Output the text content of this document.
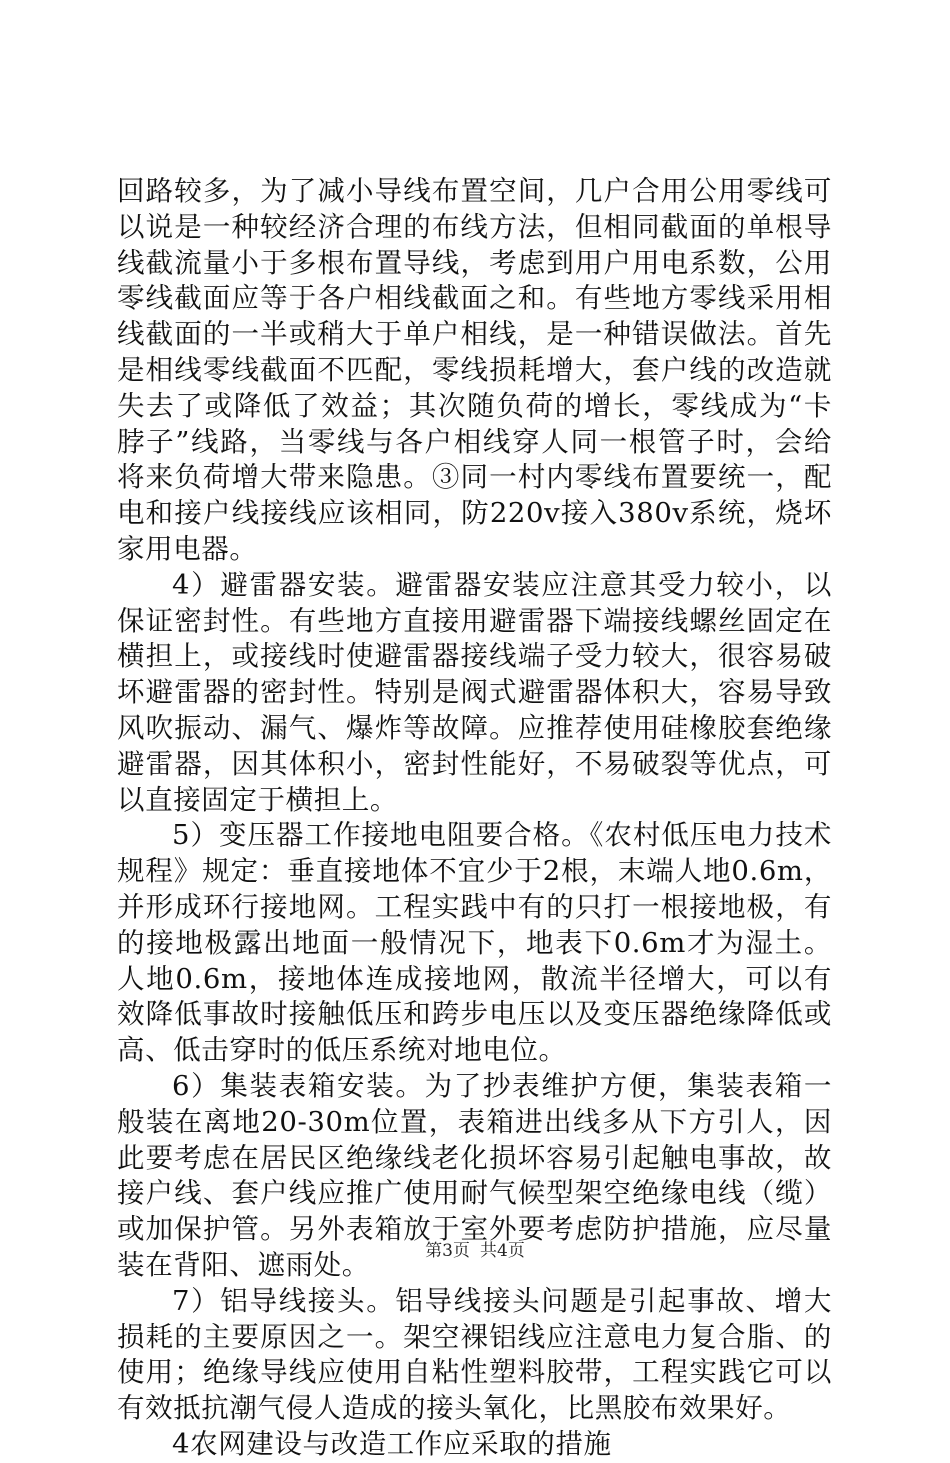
回路较多，为了减小导线布置空间，几户合用公用零线可以说是一种较经济合理的布线方法，但相同截面的单根导线截流量小于多根布置导线，考虑到用户用电系数，公用零线截面应等于各户相线截面之和。有些地方零线采用相线截面的一半或稍大于单户相线，是一种错误做法。首先是相线零线截面不匹配，零线损耗增大，套户线的改造就失去了或降低了效益；其次随负荷的增长，零线成为“卡脖子”线路，当零线与各户相线穿人同一根管子时，会给将来负荷增大带来隐患。③同一村内零线布置要统一，配电和接户线接线应该相同，防220v接入380v系统，烧坏家用电器。

4）避雷器安装。避雷器安装应注意其受力较小，以保证密封性。有些地方直接用避雷器下端接线螺丝固定在横担上，或接线时使避雷器接线端子受力较大，很容易破坏避雷器的密封性。特别是阀式避雷器体积大，容易导致风吹振动、漏气、爆炸等故障。应推荐使用硅橡胶套绝缘避雷器，因其体积小，密封性能好，不易破裂等优点，可以直接固定于横担上。

5）变压器工作接地电阻要合格。《农村低压电力技术规程》规定：垂直接地体不宜少于2根，末端人地0.6m，并形成环行接地网。工程实践中有的只打一根接地极，有的接地极露出地面一般情况下，地表下0.6m才为湿土。人地0.6m，接地体连成接地网，散流半径增大，可以有效降低事故时接触低压和跨步电压以及变压器绝缘降低或高、低击穿时的低压系统对地电位。

6）集装表箱安装。为了抄表维护方便，集装表箱一般装在离地20-30m位置，表箱进出线多从下方引人，因此要考虑在居民区绝缘线老化损坏容易引起触电事故，故接户线、套户线应推广使用耐气候型架空绝缘电线（缆）或加保护管。另外表箱放于室外要考虑防护措施，应尽量装在背阳、遮雨处。

7）铝导线接头。铝导线接头问题是引起事故、增大损耗的主要原因之一。架空裸铝线应注意电力复合脂、的使用；绝缘导线应使用自粘性塑料胶带，工程实践它可以有效抵抗潮气侵人造成的接头氧化，比黑胶布效果好。

4农网建设与改造工作应采取的措施

第3页 共4页
